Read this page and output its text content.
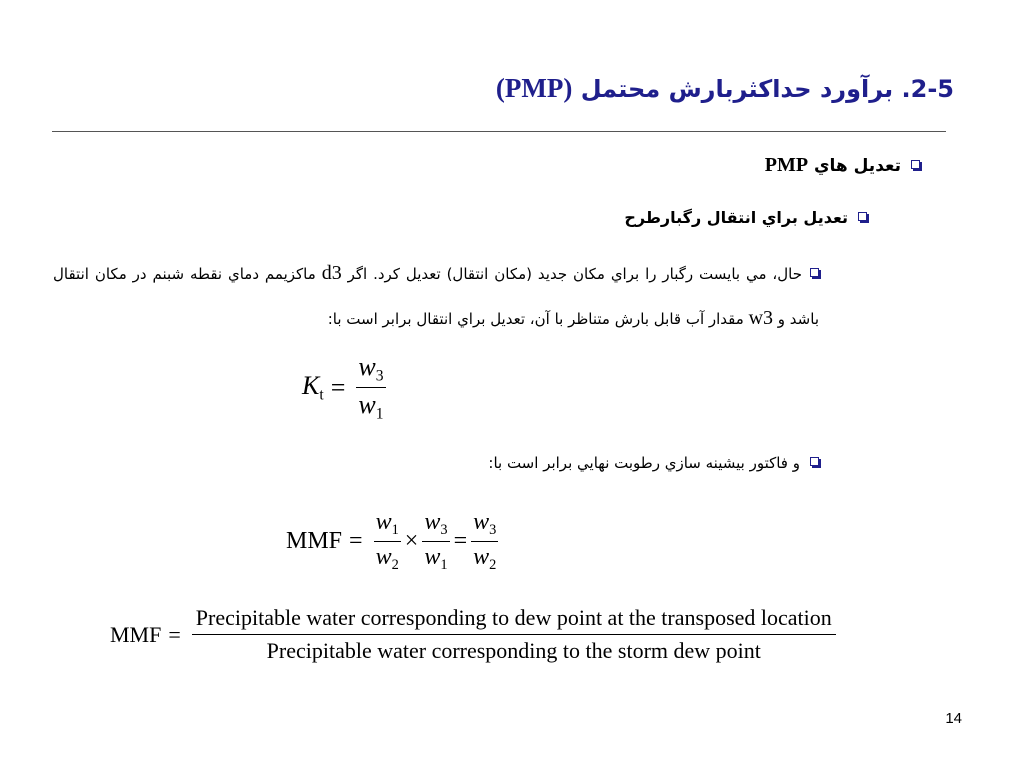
2-5. برآورد حداکثربارش محتمل (PMP)
تعديل هاي PMP
تعديل براي انتقال رگبارطرح
حال، مي بايست رگبار را براي مکان جديد (مکان انتقال) تعديل کرد. اگر d3 ماکزيمم دماي نقطه شبنم در مکان انتقال باشد و w3 مقدار آب قابل بارش متناظر با آن، تعديل براي انتقال برابر است با:
$K_t = \frac{w_3}{w_1}$
و فاكتور بيشينه سازي رطوبت نهايي برابر است با:
MMF = $\frac{w_1}{w_2} \times \frac{w_3}{w_1} = \frac{w_3}{w_2}$
MMF =
Precipitable water corresponding to dew point at the transposed location
Precipitable water corresponding to the storm dew point
14
